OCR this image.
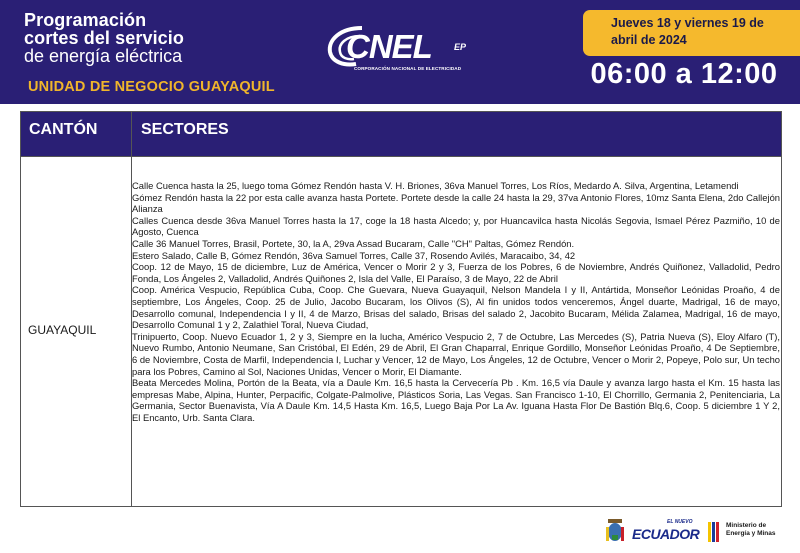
Programación
cortes del servicio
de energía eléctrica
UNIDAD DE NEGOCIO GUAYAQUIL
CNEL EP
CORPORACIÓN NACIONAL DE ELECTRICIDAD
Jueves 18 y viernes 19 de
abril de 2024
06:00 a 12:00
CANTÓN	SECTORES
GUAYAQUIL

Calle Cuenca hasta la 25, luego toma Gómez Rendón hasta V. H. Briones, 36va Manuel Torres, Los Ríos, Medardo A. Silva, Argentina, Letamendi

Gómez Rendón hasta la 22 por esta calle avanza hasta Portete. Portete desde la calle 24 hasta la 29, 37va Antonio Flores, 10mz Santa Elena, 2do Callejón Alianza

Calles Cuenca desde 36va Manuel Torres hasta la 17, coge la 18 hasta Alcedo; y, por Huancavilca hasta Nicolás Segovia, Ismael Pérez Pazmiño, 10 de Agosto, Cuenca

Calle 36 Manuel Torres, Brasil, Portete, 30, la A, 29va Assad Bucaram, Calle "CH" Paltas, Gómez Rendón.

Estero Salado, Calle B, Gómez Rendón, 36va Samuel Torres, Calle 37, Rosendo Avilés, Maracaibo, 34, 42

Coop. 12 de Mayo, 15 de diciembre, Luz de América, Vencer o Morir 2 y 3, Fuerza de los Pobres, 6 de Noviembre, Andrés Quiñonez, Valladolid, Pedro Fonda, Los Ángeles 2, Valladolid, Andrés Quiñones 2, Isla del Valle, El Paraíso, 3 de Mayo, 22 de Abril

Coop. América Vespucio, República Cuba, Coop. Che Guevara, Nueva Guayaquil, Nelson Mandela I y II, Antártida, Monseñor Leónidas Proaño, 4 de septiembre, Los Ángeles, Coop. 25 de Julio, Jacobo Bucaram, los Olivos (S), Al fin unidos todos venceremos, Ángel duarte, Madrigal, 16 de mayo, Desarrollo comunal, Independencia I y II, 4 de Marzo, Brisas del salado, Brisas del salado 2, Jacobito Bucaram, Mélida Zalamea, Madrigal, 16 de mayo, Desarrollo Comunal 1 y 2, Zalathiel Toral, Nueva Ciudad,

Trinipuerto, Coop. Nuevo Ecuador 1, 2 y 3, Siempre en la lucha, Américo Vespucio 2, 7 de Octubre, Las Mercedes (S), Patria Nueva (S), Eloy Alfaro (T), Nuevo Rumbo, Antonio Neumane, San Cristóbal, El Edén, 29 de Abril, El Gran Chaparral, Enrique Gordillo, Monseñor Leónidas Proaño, 4 De Septiembre, 6 de Noviembre, Costa de Marfil, Independencia I, Luchar y Vencer, 12 de Mayo, Los Ángeles, 12 de Octubre, Vencer o Morir 2, Popeye, Polo sur, Un techo para los Pobres, Camino al Sol, Naciones Unidas, Vencer o Morir, El Diamante.

Beata Mercedes Molina, Portón de la Beata, vía a Daule Km. 16,5 hasta la Cervecería Pb . Km. 16,5 vía Daule y avanza largo hasta el Km. 15 hasta las empresas Mabe, Alpina, Hunter, Perpacific, Colgate-Palmolive, Plásticos Soria, Las Vegas. San Francisco 1-10, El Chorrillo, Germania 2, Penitenciaria, La Germania, Sector Buenavista, Vía A Daule Km. 14,5 Hasta Km. 16,5, Luego Baja Por La Av. Iguana Hasta Flor De Bastión Blq.6, Coop. 5 diciembre 1 Y 2, El Encanto, Urb. Santa Clara.

EL NUEVO
ECUADOR
Ministerio de
Energía y Minas
